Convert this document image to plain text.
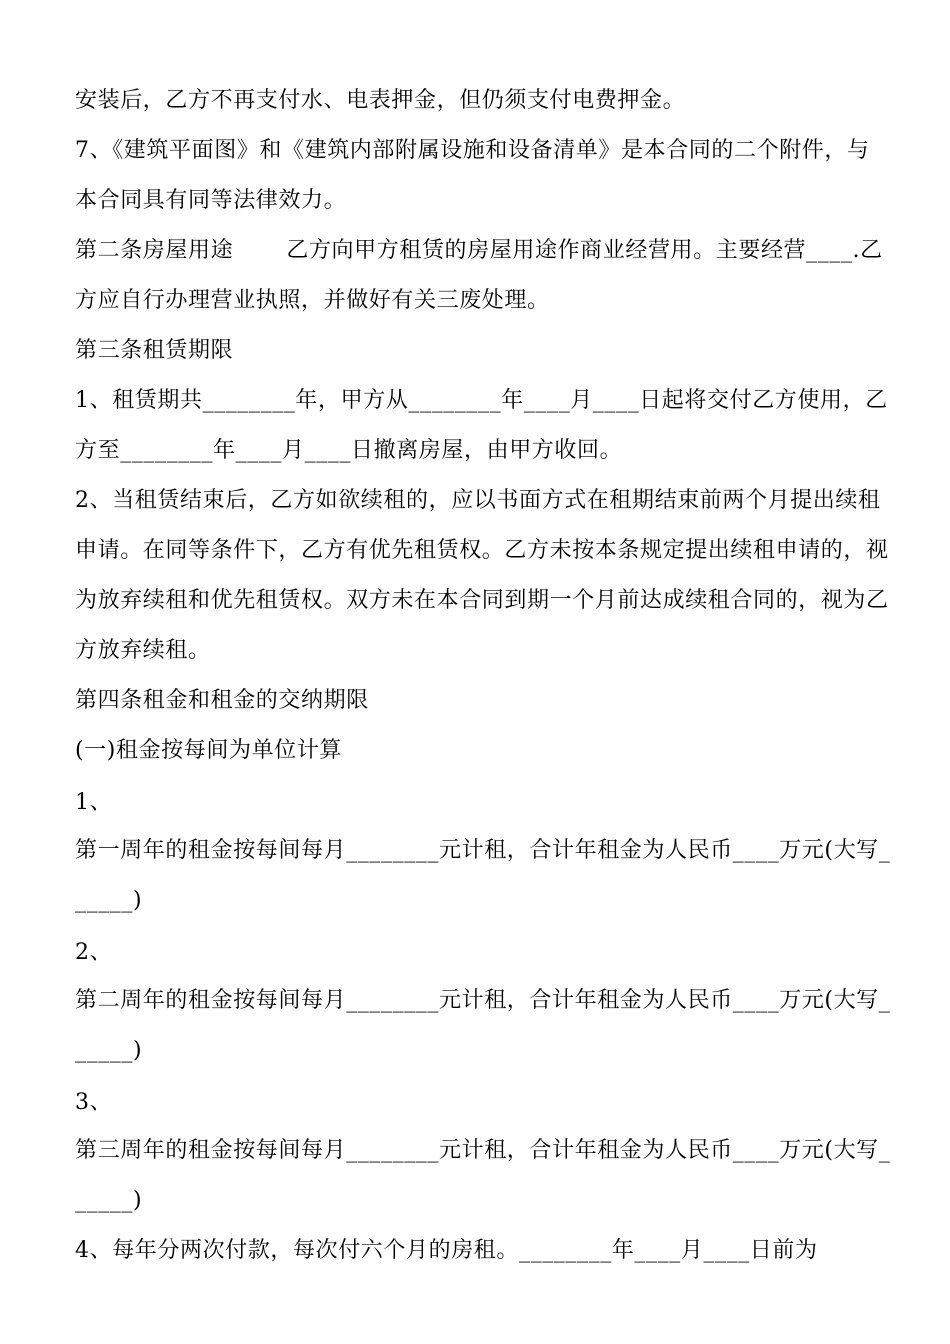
安装后，乙方不再支付水、电表押金，但仍须支付电费押金。
7、《建筑平面图》和《建筑内部附属设施和设备清单》是本合同的二个附件，与
本合同具有同等法律效力。
第二条房屋用途       乙方向甲方租赁的房屋用途作商业经营用。主要经营____.乙
方应自行办理营业执照，并做好有关三废处理。
第三条租赁期限
1、租赁期共________年，甲方从________年____月____日起将交付乙方使用，乙
方至________年____月____日撤离房屋，由甲方收回。
2、当租赁结束后，乙方如欲续租的，应以书面方式在租期结束前两个月提出续租
申请。在同等条件下，乙方有优先租赁权。乙方未按本条规定提出续租申请的，视
为放弃续租和优先租赁权。双方未在本合同到期一个月前达成续租合同的，视为乙
方放弃续租。
第四条租金和租金的交纳期限
(一)租金按每间为单位计算
1、
第一周年的租金按每间每月________元计租，合计年租金为人民币____万元(大写_
_____)
2、
第二周年的租金按每间每月________元计租，合计年租金为人民币____万元(大写_
_____)
3、
第三周年的租金按每间每月________元计租，合计年租金为人民币____万元(大写_
_____)
4、每年分两次付款，每次付六个月的房租。________年____月____日前为
